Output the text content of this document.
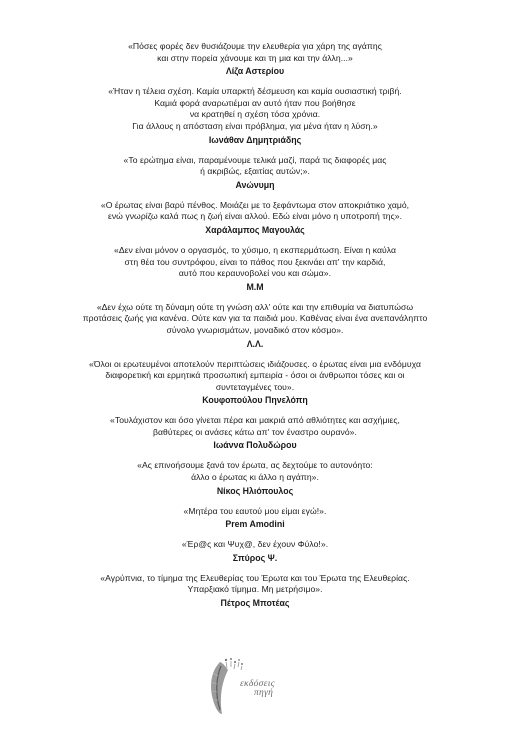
«Πόσες φορές δεν θυσιάζουμε την ελευθερία για χάρη της αγάπης
και στην πορεία χάνουμε και τη μια και την άλλη...»
Λίζα Αστερίου
«Ήταν η τέλεια σχέση. Καμία υπαρκτή δέσμευση και καμία ουσιαστική τριβή.
Καμιά φορά αναρωτιέμαι αν αυτό ήταν που βοήθησε
να κρατηθεί η σχέση τόσα χρόνια.
Για άλλους η απόσταση είναι πρόβλημα, για μένα ήταν η λύση.»
Ιωνάθαν Δημητριάδης
«Το ερώτημα είναι, παραμένουμε τελικά μαζί, παρά τις διαφορές μας
ή ακριβώς, εξαιτίας αυτών;».
Ανώνυμη
«Ο έρωτας είναι βαρύ πένθος. Μοιάζει με το ξεφάντωμα στον αποκριάτικο χαμό,
ενώ γνωρίζω καλά πως η ζωή είναι αλλού. Εδώ είναι μόνο η υποτροπή της».
Χαράλαμπος Μαγουλάς
«Δεν είναι μόνον ο οργασμός, το χύσιμο, η εκσπερμάτωση. Είναι η καύλα
στη θέα του συντρόφου, είναι το πάθος που ξεκινάει απ' την καρδιά,
αυτό που κεραυνοβολεί νου και σώμα».
Μ.Μ
«Δεν έχω ούτε τη δύναμη ούτε τη γνώση αλλ' ούτε και την επιθυμία να διατυπώσω
προτάσεις ζωής για κανένα. Ούτε καν για τα παιδιά μου. Καθένας είναι ένα ανεπανάληπτο
σύνολο γνωρισμάτων, μοναδικό στον κόσμο».
Λ.Λ.
«Όλοι οι ερωτευμένοι αποτελούν περιπτώσεις ιδιάζουσες. ο έρωτας είναι μια ενδόμυχα
διαφορετική και ερμητικά προσωπική εμπειρία - όσοι οι άνθρωποι τόσες και οι
συντεταγμένες του».
Κουφοπούλου Πηνελόπη
«Τουλάχιστον και όσο γίνεται πέρα και μακριά από αθλιότητες και ασχήμιες,
βαθύτερες οι ανάσες κάτω απ' τον έναστρο ουρανό».
Ιωάννα Πολυδώρου
«Ας επινοήσουμε ξανά τον έρωτα, ας δεχτούμε το αυτονόητο:
άλλο ο έρωτας κι άλλο η αγάπη».
Νίκος Ηλιόπουλος
«Μητέρα του εαυτού μου είμαι εγώ!».
Prem Amodini
«Έρ@ς και Ψυχ@, δεν έχουν Φύλο!».
Σπύρος Ψ.
«Αγρύπνια, το τίμημα της Ελευθερίας του Έρωτα και του Έρωτα της Ελευθερίας.
Υπαρξιακό τίμημα. Μη μετρήσιμο».
Πέτρος Μποτέας
εκδόσεις
πηγή
